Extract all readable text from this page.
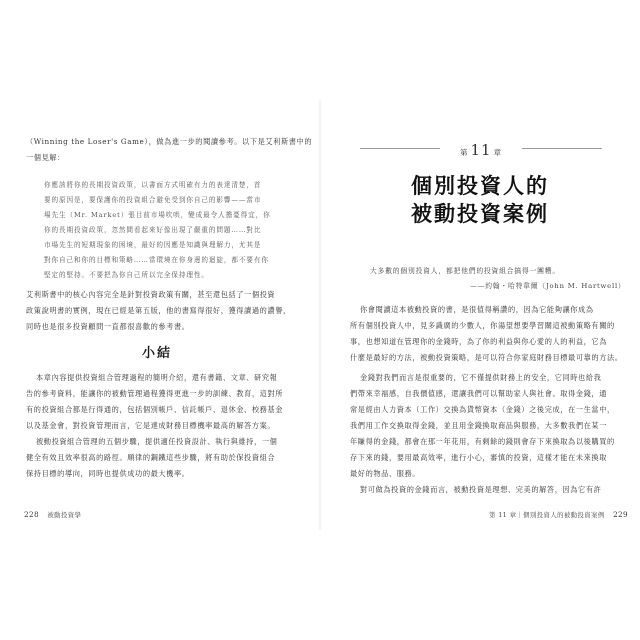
（Winning the Loser's Game），做為進一步的閱讀參考。以下是艾利斯書中的

一個見解：

你應該將你的長期投資政策，以書面方式明確有力的表達清楚，首

要的原因是，要保護你的投資組合避免受到你自己的影響——當市

場先生（Mr. Market）張目前市場吹哄，變成最令人擔憂得宜，你

你的長期投資政策，忽然間看起來好像出現了嚴重的問題……對比

市場先生的短期現象的困境，最好的因應是知識與理解力，尤其是

對你自己和你的目標和策略……當環境在你身邊的迴旋，都不要有你

堅定的堅持。不要把為你自己所以完全保持理性。

艾利斯書中的核心內容完全是針對投資政策有關，甚至還包括了一個投資

政策說明書的實例，現在已經是第五版，他的書寫得很好，獲得讀過的讚譽，

同時也是很多投資顧問一直都很喜歡的參考書。

小結

本章內容提供投資組合管理過程的簡明介紹，還有書籍、文章、研究報

告的參考資料，能讓你的被動管理過程獲得更進一步的訓練、教育，這對所

有的投資組合都是行得通的，包括個別帳戶、信託帳戶、退休金、校務基金

以及基金會，對投資管理而言，它是達成財務目標機率最高的解答方案。

被動投資組合管理的五個步驟，提供適任投資設計、執行與維持，一個

健全有效且效率很高的路徑。順律的鋼鐵這些步驟，將有助於保投資組合

保持目標的導向，同時也提供成功的最大機率。

228 被動投資學
第 11 章
個別投資人的
被動投資案例

大多數的個別投資人，都把他們的投資組合搞得一團糟。

——約翰・哈特韋爾（John M. Hartwell）

你會閱讀這本被動投資的書，是很值得稱讚的，因為它能夠讓你成為

所有個別投資人中，見多識廣的少數人，你湯望想要學習關這被動策略有關的

事，也想知道在管理你的金錢時，為了你的利益與你心愛的人的利益，它為

什麼是最好的方法，被動投資策略，是可以符合你家庭財務目標最可靠的方法。

金錢對我們而言是很重要的，它不僅提供財務上的安全，它同時也給我

們帶來幸福感，自我價值感，還讓我們可以幫助家人與社會。取得金錢，通

常是經由人力資本（工作）交換為貨幣資本（金錢）之後完成，在一生當中，

我們用工作交換取得金錢，並且用金錢換取商品與服務，大多數我們在某一

年賺得的金錢，都會在那一年花用，有剩餘的錢則會存下來換取為以後購買的

存下來的錢，要用最高效率，進行小心，審慎的投資，這樣才能在未來換取

最好的物品、服務。

對可做為投資的金錢而言，被動投資是理想、完美的解答，因為它有許

第 11 章｜個別投資人的被動投資案例 229
